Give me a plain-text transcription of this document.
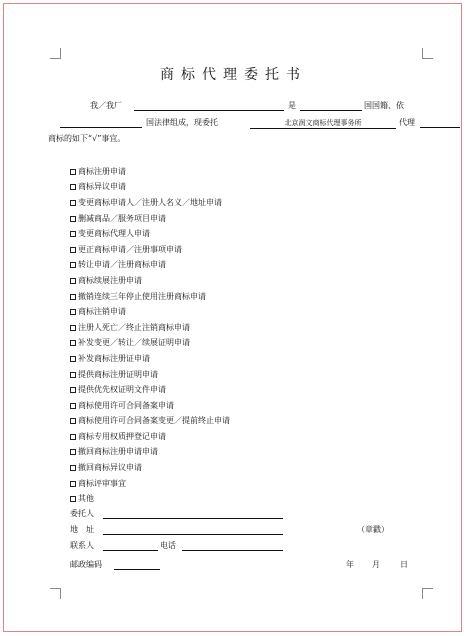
商标代理委托书
我／我厂	是	国国籍、依
国法律组成，现委托	北京润文商标代理事务所	代理
商标的如下“√”事宜。
商标注册申请
商标异议申请
变更商标申请人／注册人名义／地址申请
删减商品／服务项目申请
变更商标代理人申请
更正商标申请／注册事项申请
转让申请／注册商标申请
商标续展注册申请
撤销连续三年停止使用注册商标申请
商标注销申请
注册人死亡／终止注销商标申请
补发变更／转让／续展证明申请
补发商标注册证申请
提供商标注册证明申请
提供优先权证明文件申请
商标使用许可合同备案申请
商标使用许可合同备案变更／提前终止申请
商标专用权质押登记申请
撤回商标注册申请申请
撤回商标异议申请
商标评审事宜
其他
委托人
地　址	（章戳）
联系人	电话
邮政编码	年 月	日
